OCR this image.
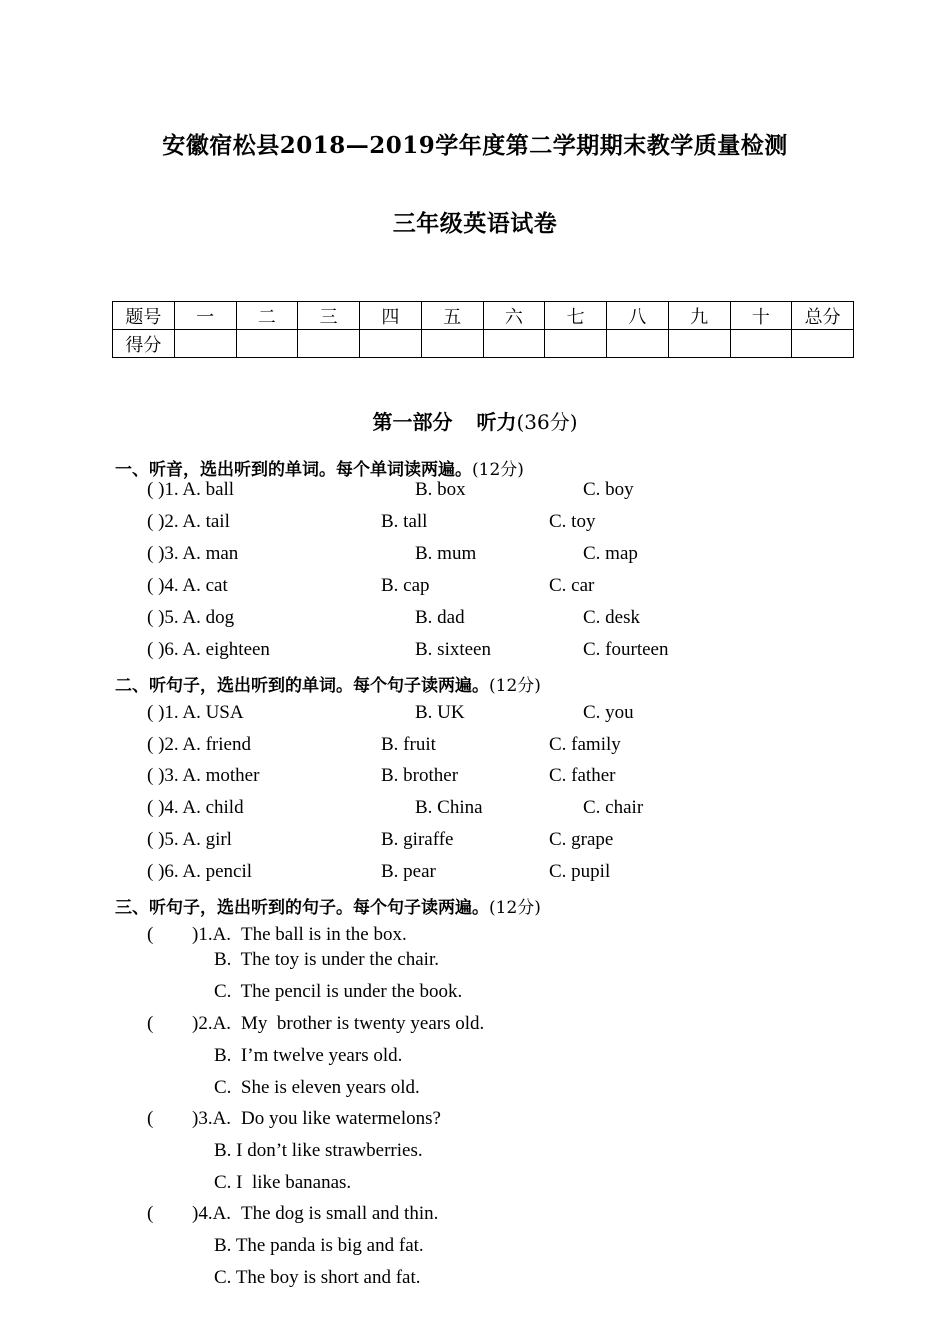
安徽宿松县2018—2019学年度第二学期期末教学质量检测
三年级英语试卷
题号	一	二	三	四	五	六	七	八	九	十	总分
得分											
第一部分 听力(36分)
一、听音，选出听到的单词。每个单词读两遍。(12分)
( )1. A. ball	B. box	C. boy
( )2. A. tail	B. tall	C. toy
( )3. A. man	B. mum	C. map
( )4. A. cat	B. cap	C. car
( )5. A. dog	B. dad	C. desk
( )6. A. eighteen	B. sixteen	C. fourteen
二、听句子，选出听到的单词。每个句子读两遍。(12分)
( )1. A. USA	B. UK	C. you
( )2. A. friend	B. fruit	C. family
( )3. A. mother	B. brother	C. father
( )4. A. child	B. China	C. chair
( )5. A. girl	B. giraffe	C. grape
( )6. A. pencil	B. pear	C. pupil
三、听句子，选出听到的句子。每个句子读两遍。(12分)
( )1.A. The ball is in the box.
B.  The toy is under the chair.
C.  The pencil is under the book.
( )2.A. My  brother is twenty years old.
B.  I’m twelve years old.
C.  She is eleven years old.
( )3.A. Do you like watermelons?
B. I don’t like strawberries.
C. I  like bananas.
( )4.A. The dog is small and thin.
B. The panda is big and fat.
C. The boy is short and fat.
